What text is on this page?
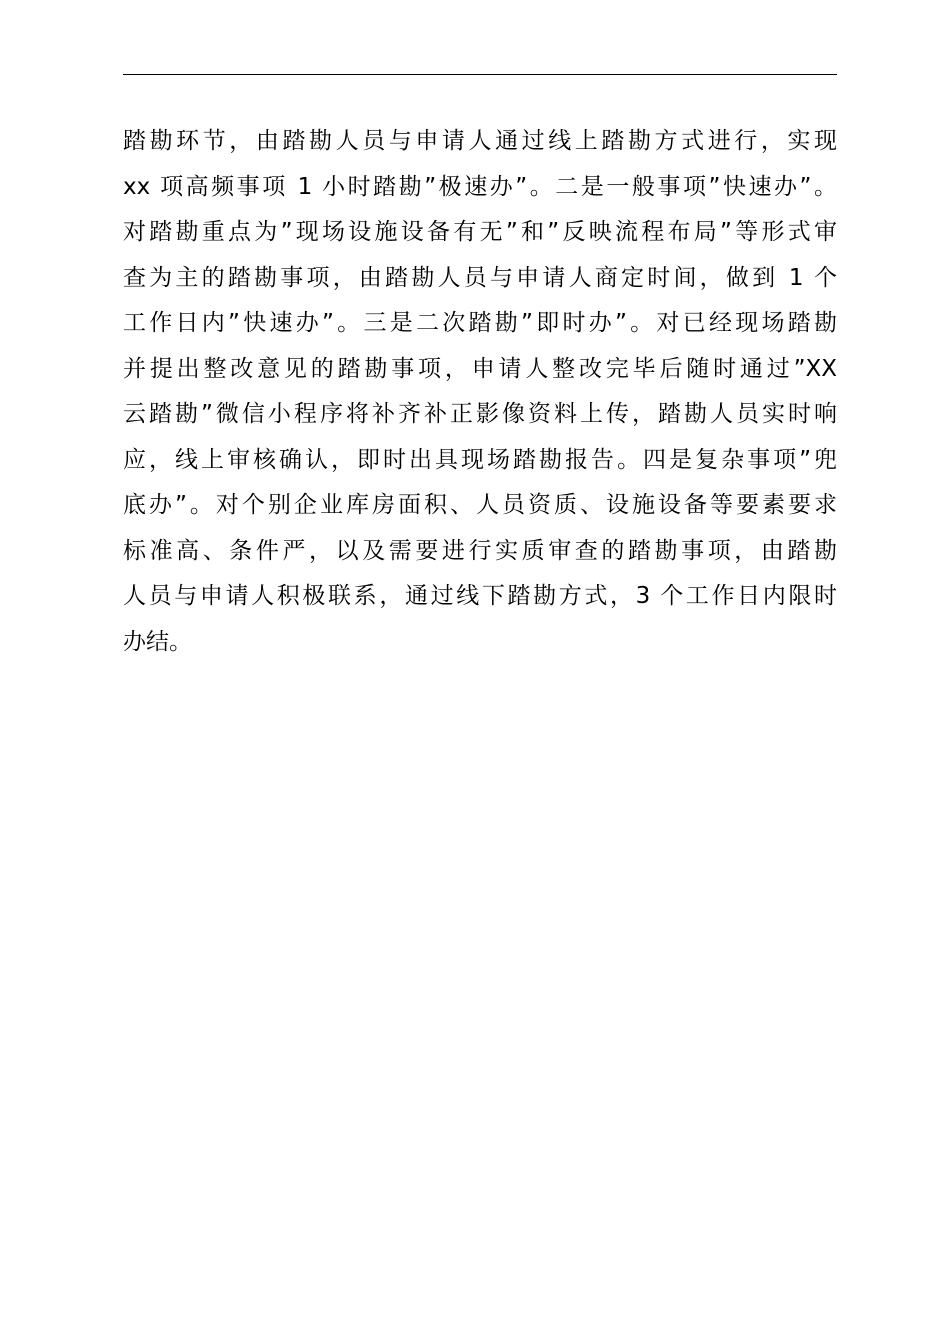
踏勘环节，由踏勘人员与申请人通过线上踏勘方式进行，实现
xx 项高频事项 1 小时踏勘”极速办”。二是一般事项”快速办”。
对踏勘重点为”现场设施设备有无”和”反映流程布局”等形式审
查为主的踏勘事项，由踏勘人员与申请人商定时间，做到 1 个
工作日内”快速办”。三是二次踏勘”即时办”。对已经现场踏勘
并提出整改意见的踏勘事项，申请人整改完毕后随时通过”XX
云踏勘”微信小程序将补齐补正影像资料上传，踏勘人员实时响
应，线上审核确认，即时出具现场踏勘报告。四是复杂事项”兜
底办”。对个别企业库房面积、人员资质、设施设备等要素要求
标准高、条件严，以及需要进行实质审查的踏勘事项，由踏勘
人员与申请人积极联系，通过线下踏勘方式，3 个工作日内限时
办结。
